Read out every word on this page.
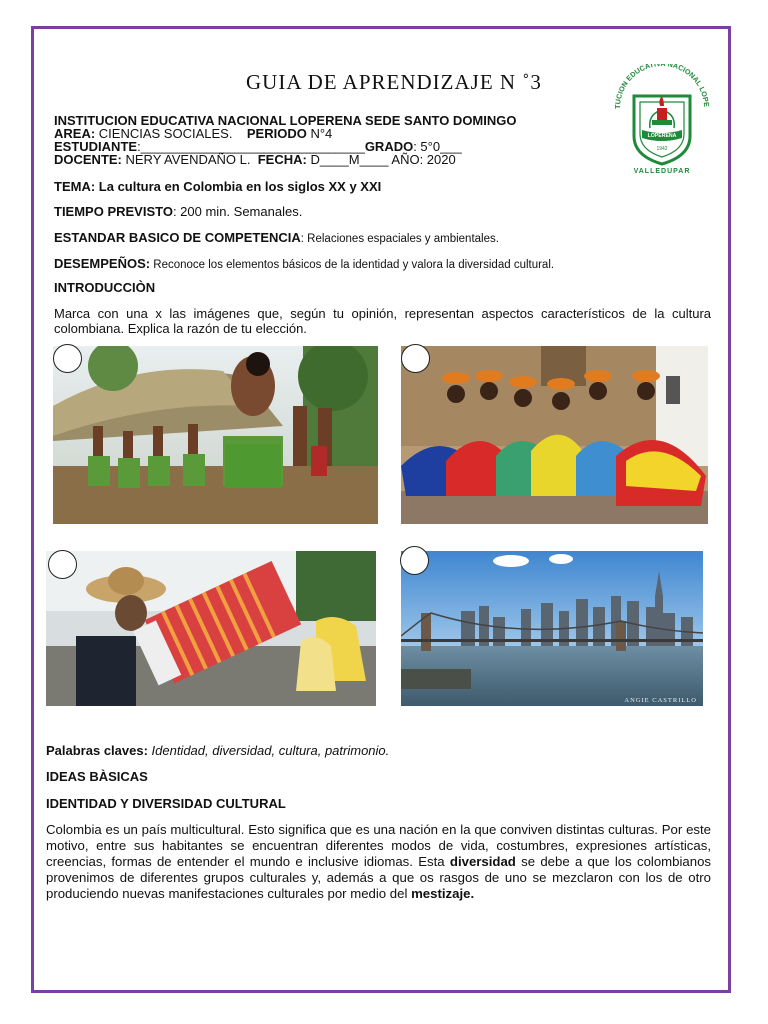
GUIA DE APRENDIZAJE N ˚3
TUCION EDUCATI NACIONAL LOPE
LOPERENA
1942
VALLEDUPAR
INSTITUCION EDUCATIVA NACIONAL LOPERENA SEDE SANTO DOMINGO
AREA: CIENCIAS SOCIALES. PERIODO N°4
ESTUDIANTE:_______________________________GRADO: 5°0___
DOCENTE: NERY AVENDAÑO L. FECHA: D____M____ AÑO: 2020
TEMA: La cultura en Colombia en los siglos XX y XXI
TIEMPO PREVISTO: 200 min. Semanales.
ESTANDAR BASICO DE COMPETENCIA: Relaciones espaciales y ambientales.
DESEMPEÑOS: Reconoce los elementos básicos de la identidad y valora la diversidad cultural.
INTRODUCCIÒN
Marca con una x las imágenes que, según tu opinión, representan aspectos característicos de la cultura colombiana. Explica la razón de tu elección.
ANGIE CASTRILLO
Palabras claves: Identidad, diversidad, cultura, patrimonio.
IDEAS BÀSICAS
IDENTIDAD Y DIVERSIDAD CULTURAL
Colombia es un país multicultural. Esto significa que es una nación en la que conviven distintas culturas. Por este motivo, entre sus habitantes se encuentran diferentes modos de vida, costumbres, expresiones artísticas, creencias, formas de entender el mundo e inclusive idiomas. Esta diversidad se debe a que los colombianos provenimos de diferentes grupos culturales y, además a que os rasgos de uno se mezclaron con los de otro produciendo nuevas manifestaciones culturales por medio del mestizaje.
